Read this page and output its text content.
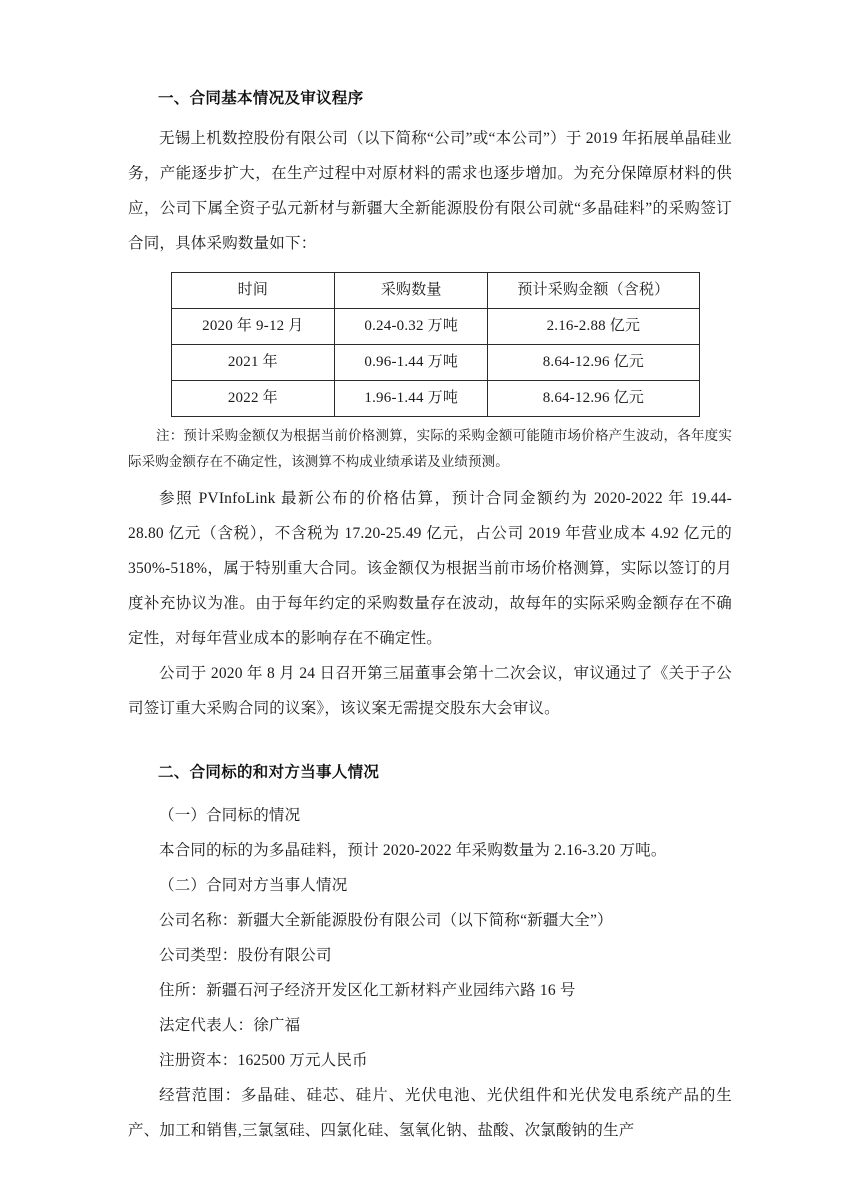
一、合同基本情况及审议程序

无锡上机数控股份有限公司（以下简称“公司”或“本公司”）于 2019 年拓展单晶硅业务，产能逐步扩大，在生产过程中对原材料的需求也逐步增加。为充分保障原材料的供应，公司下属全资子弘元新材与新疆大全新能源股份有限公司就“多晶硅料”的采购签订合同，具体采购数量如下：

时间	采购数量	预计采购金额（含税）
2020 年 9-12 月	0.24-0.32 万吨	2.16-2.88 亿元
2021 年	0.96-1.44 万吨	8.64-12.96 亿元
2022 年	1.96-1.44 万吨	8.64-12.96 亿元

注：预计采购金额仅为根据当前价格测算，实际的采购金额可能随市场价格产生波动，各年度实际采购金额存在不确定性，该测算不构成业绩承诺及业绩预测。

参照 PVInfoLink 最新公布的价格估算，预计合同金额约为 2020-2022 年 19.44-28.80 亿元（含税），不含税为 17.20-25.49 亿元，占公司 2019 年营业成本 4.92 亿元的 350%-518%，属于特别重大合同。该金额仅为根据当前市场价格测算，实际以签订的月度补充协议为准。由于每年约定的采购数量存在波动，故每年的实际采购金额存在不确定性，对每年营业成本的影响存在不确定性。

公司于 2020 年 8 月 24 日召开第三届董事会第十二次会议，审议通过了《关于子公司签订重大采购合同的议案》，该议案无需提交股东大会审议。

二、合同标的和对方当事人情况

（一）合同标的情况

本合同的标的为多晶硅料，预计 2020-2022 年采购数量为 2.16-3.20 万吨。

（二）合同对方当事人情况

公司名称：新疆大全新能源股份有限公司（以下简称“新疆大全”）

公司类型：股份有限公司

住所：新疆石河子经济开发区化工新材料产业园纬六路 16 号

法定代表人：徐广福

注册资本：162500 万元人民币

经营范围：多晶硅、硅芯、硅片、光伏电池、光伏组件和光伏发电系统产品的生产、加工和销售,三氯氢硅、四氯化硅、氢氧化钠、盐酸、次氯酸钠的生产
